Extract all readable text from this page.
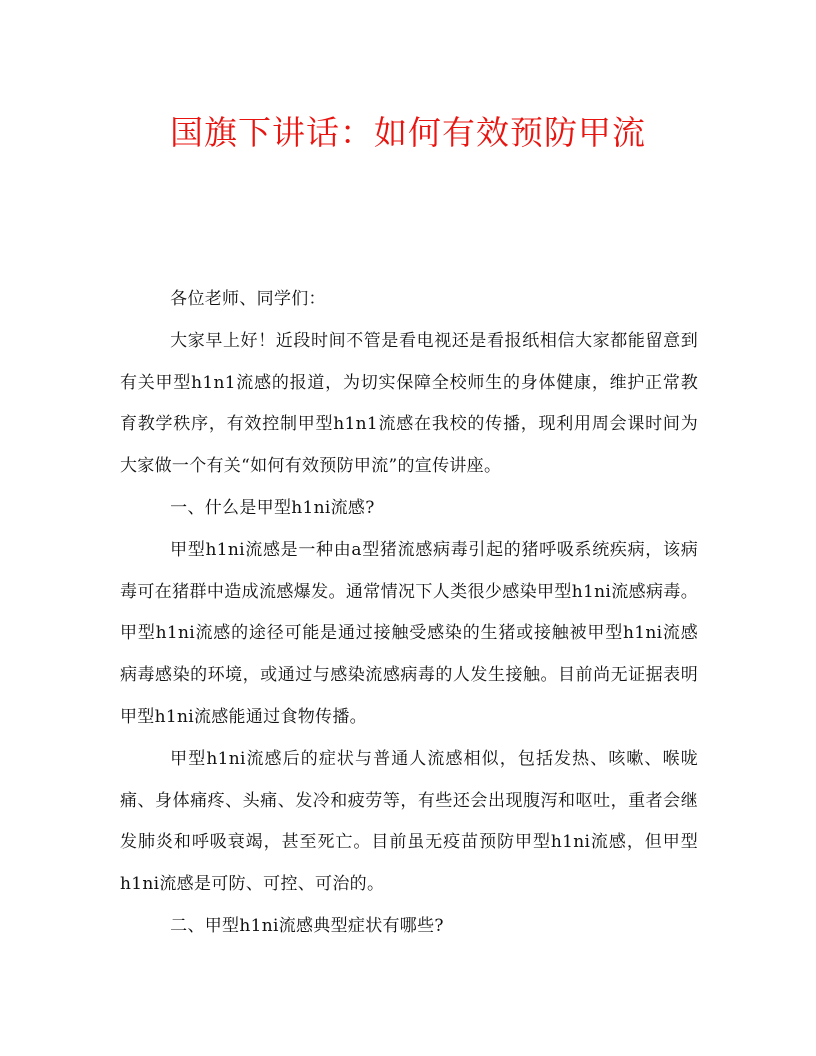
国旗下讲话：如何有效预防甲流

各位老师、同学们：

大家早上好！近段时间不管是看电视还是看报纸相信大家都能留意到有关甲型h1n1流感的报道，为切实保障全校师生的身体健康，维护正常教育教学秩序，有效控制甲型h1n1流感在我校的传播，现利用周会课时间为大家做一个有关“如何有效预防甲流”的宣传讲座。

一、什么是甲型h1ni流感?

甲型h1ni流感是一种由a型猪流感病毒引起的猪呼吸系统疾病，该病毒可在猪群中造成流感爆发。通常情况下人类很少感染甲型h1ni流感病毒。甲型h1ni流感的途径可能是通过接触受感染的生猪或接触被甲型h1ni流感病毒感染的环境，或通过与感染流感病毒的人发生接触。目前尚无证据表明甲型h1ni流感能通过食物传播。

甲型h1ni流感后的症状与普通人流感相似，包括发热、咳嗽、喉咙痛、身体痛疼、头痛、发冷和疲劳等，有些还会出现腹泻和呕吐，重者会继发肺炎和呼吸衰竭，甚至死亡。目前虽无疫苗预防甲型h1ni流感，但甲型h1ni流感是可防、可控、可治的。

二、甲型h1ni流感典型症状有哪些?
